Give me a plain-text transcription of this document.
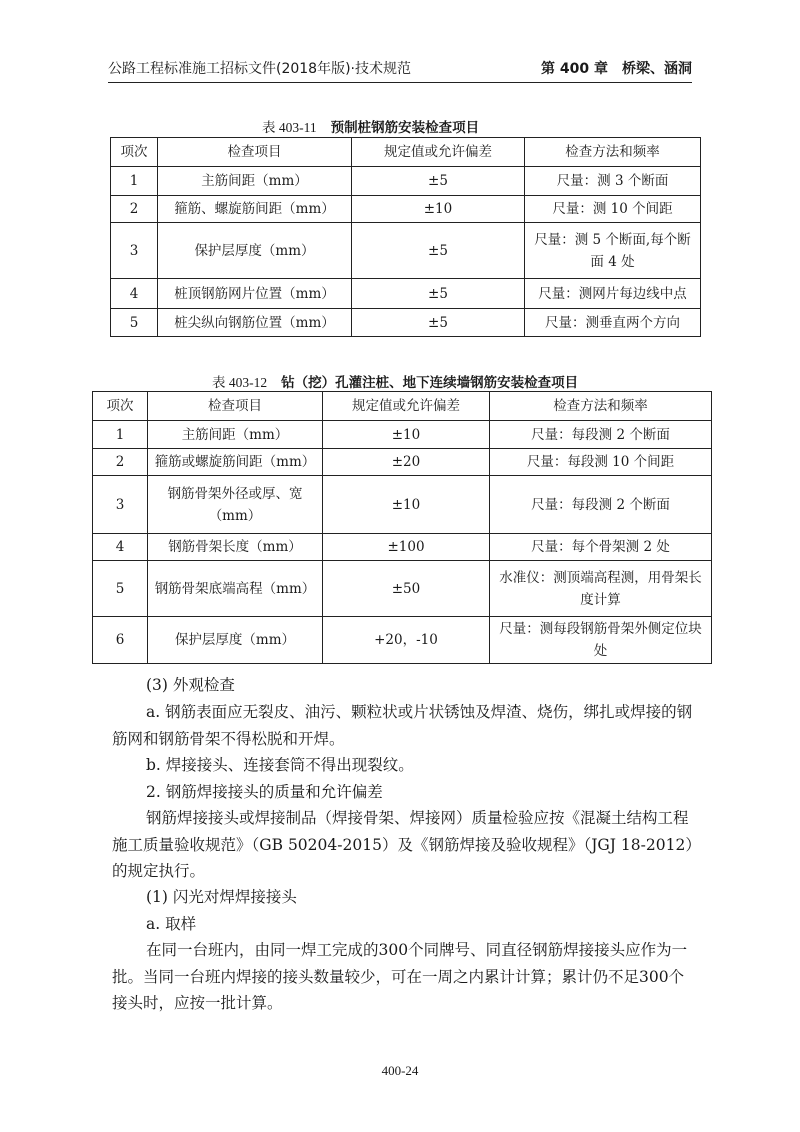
公路工程标准施工招标文件(2018年版)·技术规范	第 400 章　桥梁、涵洞
表 403-11 预制桩钢筋安装检查项目
项次	检查项目	规定值或允许偏差	检查方法和频率
1	主筋间距（mm）	±5	尺量：测 3 个断面
2	箍筋、螺旋筋间距（mm）	±10	尺量：测 10 个间距
3	保护层厚度（mm）	±5	尺量：测 5 个断面,每个断面 4 处
4	桩顶钢筋网片位置（mm）	±5	尺量：测网片每边线中点
5	桩尖纵向钢筋位置（mm）	±5	尺量：测垂直两个方向
表 403-12 钻（挖）孔灌注桩、地下连续墙钢筋安装检查项目
项次	检查项目	规定值或允许偏差	检查方法和频率
1	主筋间距（mm）	±10	尺量：每段测 2 个断面
2	箍筋或螺旋筋间距（mm）	±20	尺量：每段测 10 个间距
3	钢筋骨架外径或厚、宽（mm）	±10	尺量：每段测 2 个断面
4	钢筋骨架长度（mm）	±100	尺量：每个骨架测 2 处
5	钢筋骨架底端高程（mm）	±50	水准仪：测顶端高程测，用骨架长度计算
6	保护层厚度（mm）	+20，-10	尺量：测每段钢筋骨架外侧定位块处
(3) 外观检查
a. 钢筋表面应无裂皮、油污、颗粒状或片状锈蚀及焊渣、烧伤，绑扎或焊接的钢筋网和钢筋骨架不得松脱和开焊。
b. 焊接接头、连接套筒不得出现裂纹。
2. 钢筋焊接接头的质量和允许偏差
钢筋焊接接头或焊接制品（焊接骨架、焊接网）质量检验应按《混凝土结构工程施工质量验收规范》（GB 50204-2015）及《钢筋焊接及验收规程》（JGJ 18-2012）的规定执行。
(1) 闪光对焊焊接接头
a. 取样
在同一台班内，由同一焊工完成的300个同牌号、同直径钢筋焊接接头应作为一批。当同一台班内焊接的接头数量较少，可在一周之内累计计算；累计仍不足300个接头时，应按一批计算。
400-24
